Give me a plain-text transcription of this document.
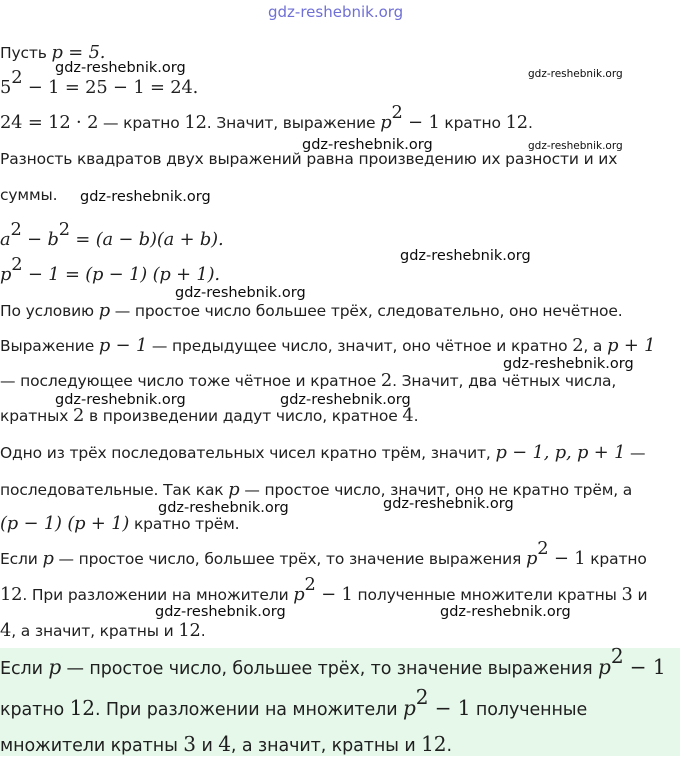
gdz-reshebnik.org
Пусть p = 5.
$5^2 - 1 = 25 - 1 = 24$.
24 = 12 · 2 — кратно 12. Значит, выражение $p^2 - 1$ кратно 12.
Разность квадратов двух выражений равна произведению их разности и их
суммы.
$a^2 - b^2 = (a - b)(a + b)$.
$p^2 - 1 = (p - 1) (p + 1)$.
По условию p — простое число большее трёх, следовательно, оно нечётное.
Выражение p − 1 — предыдущее число, значит, оно чётное и кратно 2, а p + 1
— последующее число тоже чётное и кратное 2. Значит, два чётных числа,
кратных 2 в произведении дадут число, кратное 4.
Одно из трёх последовательных чисел кратно трём, значит, p − 1, p, p + 1 —
последовательные. Так как p — простое число, значит, оно не кратно трём, а
(p − 1) (p + 1) кратно трём.
Если p — простое число, большее трёх, то значение выражения $p^2 - 1$ кратно
12. При разложении на множители $p^2 - 1$ полученные множители кратны 3 и
4, а значит, кратны и 12.
Если p — простое число, большее трёх, то значение выражения $p^2 - 1$
кратно 12. При разложении на множители $p^2 - 1$ полученные
множители кратны 3 и 4, а значит, кратны и 12.
gdz-reshebnik.org	gdz-reshebnik.org
gdz-reshebnik.org	gdz-reshebnik.org
gdz-reshebnik.org
gdz-reshebnik.org
gdz-reshebnik.org
gdz-reshebnik.org
gdz-reshebnik.org	gdz-reshebnik.org
gdz-reshebnik.org
gdz-reshebnik.org
gdz-reshebnik.org	gdz-reshebnik.org
